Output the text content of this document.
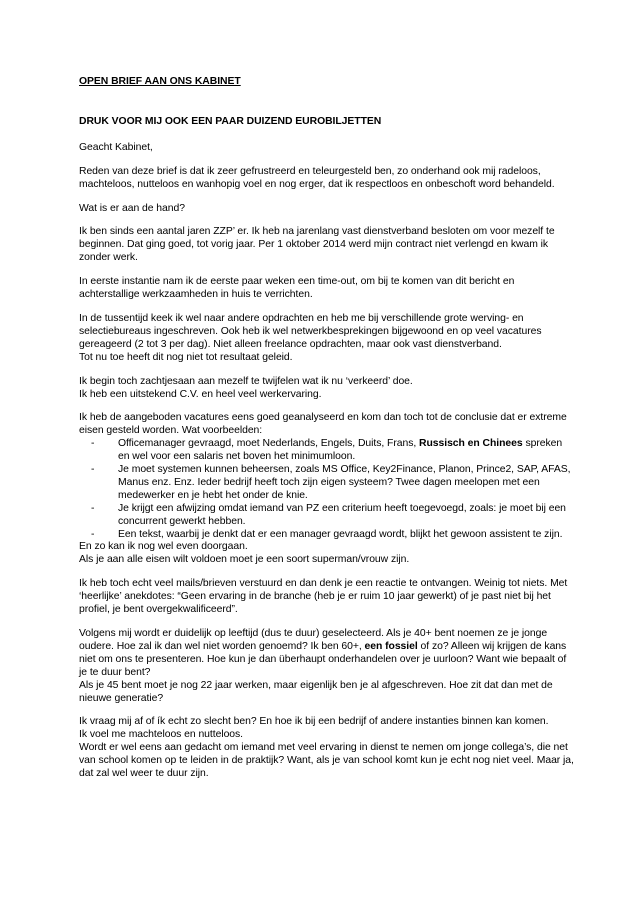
OPEN BRIEF AAN ONS KABINET
DRUK VOOR MIJ OOK EEN PAAR DUIZEND EUROBILJETTEN

Geacht Kabinet,

Reden van deze brief is dat ik zeer gefrustreerd en teleurgesteld ben, zo onderhand ook mij radeloos, machteloos, nutteloos en wanhopig voel en nog erger, dat ik respectloos en onbeschoft word behandeld.

Wat is er aan de hand?

Ik ben sinds een aantal jaren ZZP’ er. Ik heb na jarenlang vast dienstverband besloten om voor mezelf te beginnen. Dat ging goed, tot vorig jaar. Per 1 oktober 2014 werd mijn contract niet verlengd en kwam ik zonder werk.

In eerste instantie nam ik de eerste paar weken een time-out, om bij te komen van dit bericht en achterstallige werkzaamheden in huis te verrichten.

In de tussentijd keek ik wel naar andere opdrachten en heb me bij verschillende grote werving- en selectiebureaus ingeschreven. Ook heb ik wel netwerkbesprekingen bijgewoond en op veel vacatures gereageerd (2 tot 3 per dag). Niet alleen freelance opdrachten, maar ook vast dienstverband.
Tot nu toe heeft dit nog niet tot resultaat geleid.

Ik begin toch zachtjesaan aan mezelf te twijfelen wat ik nu ‘verkeerd’ doe.
Ik heb een uitstekend C.V. en heel veel werkervaring.

Ik heb de aangeboden vacatures eens goed geanalyseerd en kom dan toch tot de conclusie dat er extreme eisen gesteld worden. Wat voorbeelden:

- Officemanager gevraagd, moet Nederlands, Engels, Duits, Frans, Russisch en Chinees spreken en wel voor een salaris net boven het minimumloon.
- Je moet systemen kunnen beheersen, zoals MS Office, Key2Finance, Planon, Prince2, SAP, AFAS, Manus enz. Enz. Ieder bedrijf heeft toch zijn eigen systeem? Twee dagen meelopen met een medewerker en je hebt het onder de knie.
- Je krijgt een afwijzing omdat iemand van PZ een criterium heeft toegevoegd, zoals: je moet bij een concurrent gewerkt hebben.
- Een tekst, waarbij je denkt dat er een manager gevraagd wordt, blijkt het gewoon assistent te zijn.

En zo kan ik nog wel even doorgaan.
Als je aan alle eisen wilt voldoen moet je een soort superman/vrouw zijn.

Ik heb toch echt veel mails/brieven verstuurd en dan denk je een reactie te ontvangen. Weinig tot niets. Met ‘heerlijke’ anekdotes: “Geen ervaring in de branche (heb je er ruim 10 jaar gewerkt) of je past niet bij het profiel, je bent overgekwalificeerd”.

Volgens mij wordt er duidelijk op leeftijd (dus te duur) geselecteerd. Als je 40+ bent noemen ze je jonge oudere. Hoe zal ik dan wel niet worden genoemd? Ik ben 60+, een fossiel of zo? Alleen wij krijgen de kans niet om ons te presenteren. Hoe kun je dan überhaupt onderhandelen over je uurloon? Want wie bepaalt of je te duur bent?
Als je 45 bent moet je nog 22 jaar werken, maar eigenlijk ben je al afgeschreven. Hoe zit dat dan met de nieuwe generatie?

Ik vraag mij af of ík echt zo slecht ben? En hoe ik bij een bedrijf of andere instanties binnen kan komen.
Ik voel me machteloos en nutteloos.
Wordt er wel eens aan gedacht om iemand met veel ervaring in dienst te nemen om jonge collega’s, die net van school komen op te leiden in de praktijk? Want, als je van school komt kun je echt nog niet veel. Maar ja, dat zal wel weer te duur zijn.
